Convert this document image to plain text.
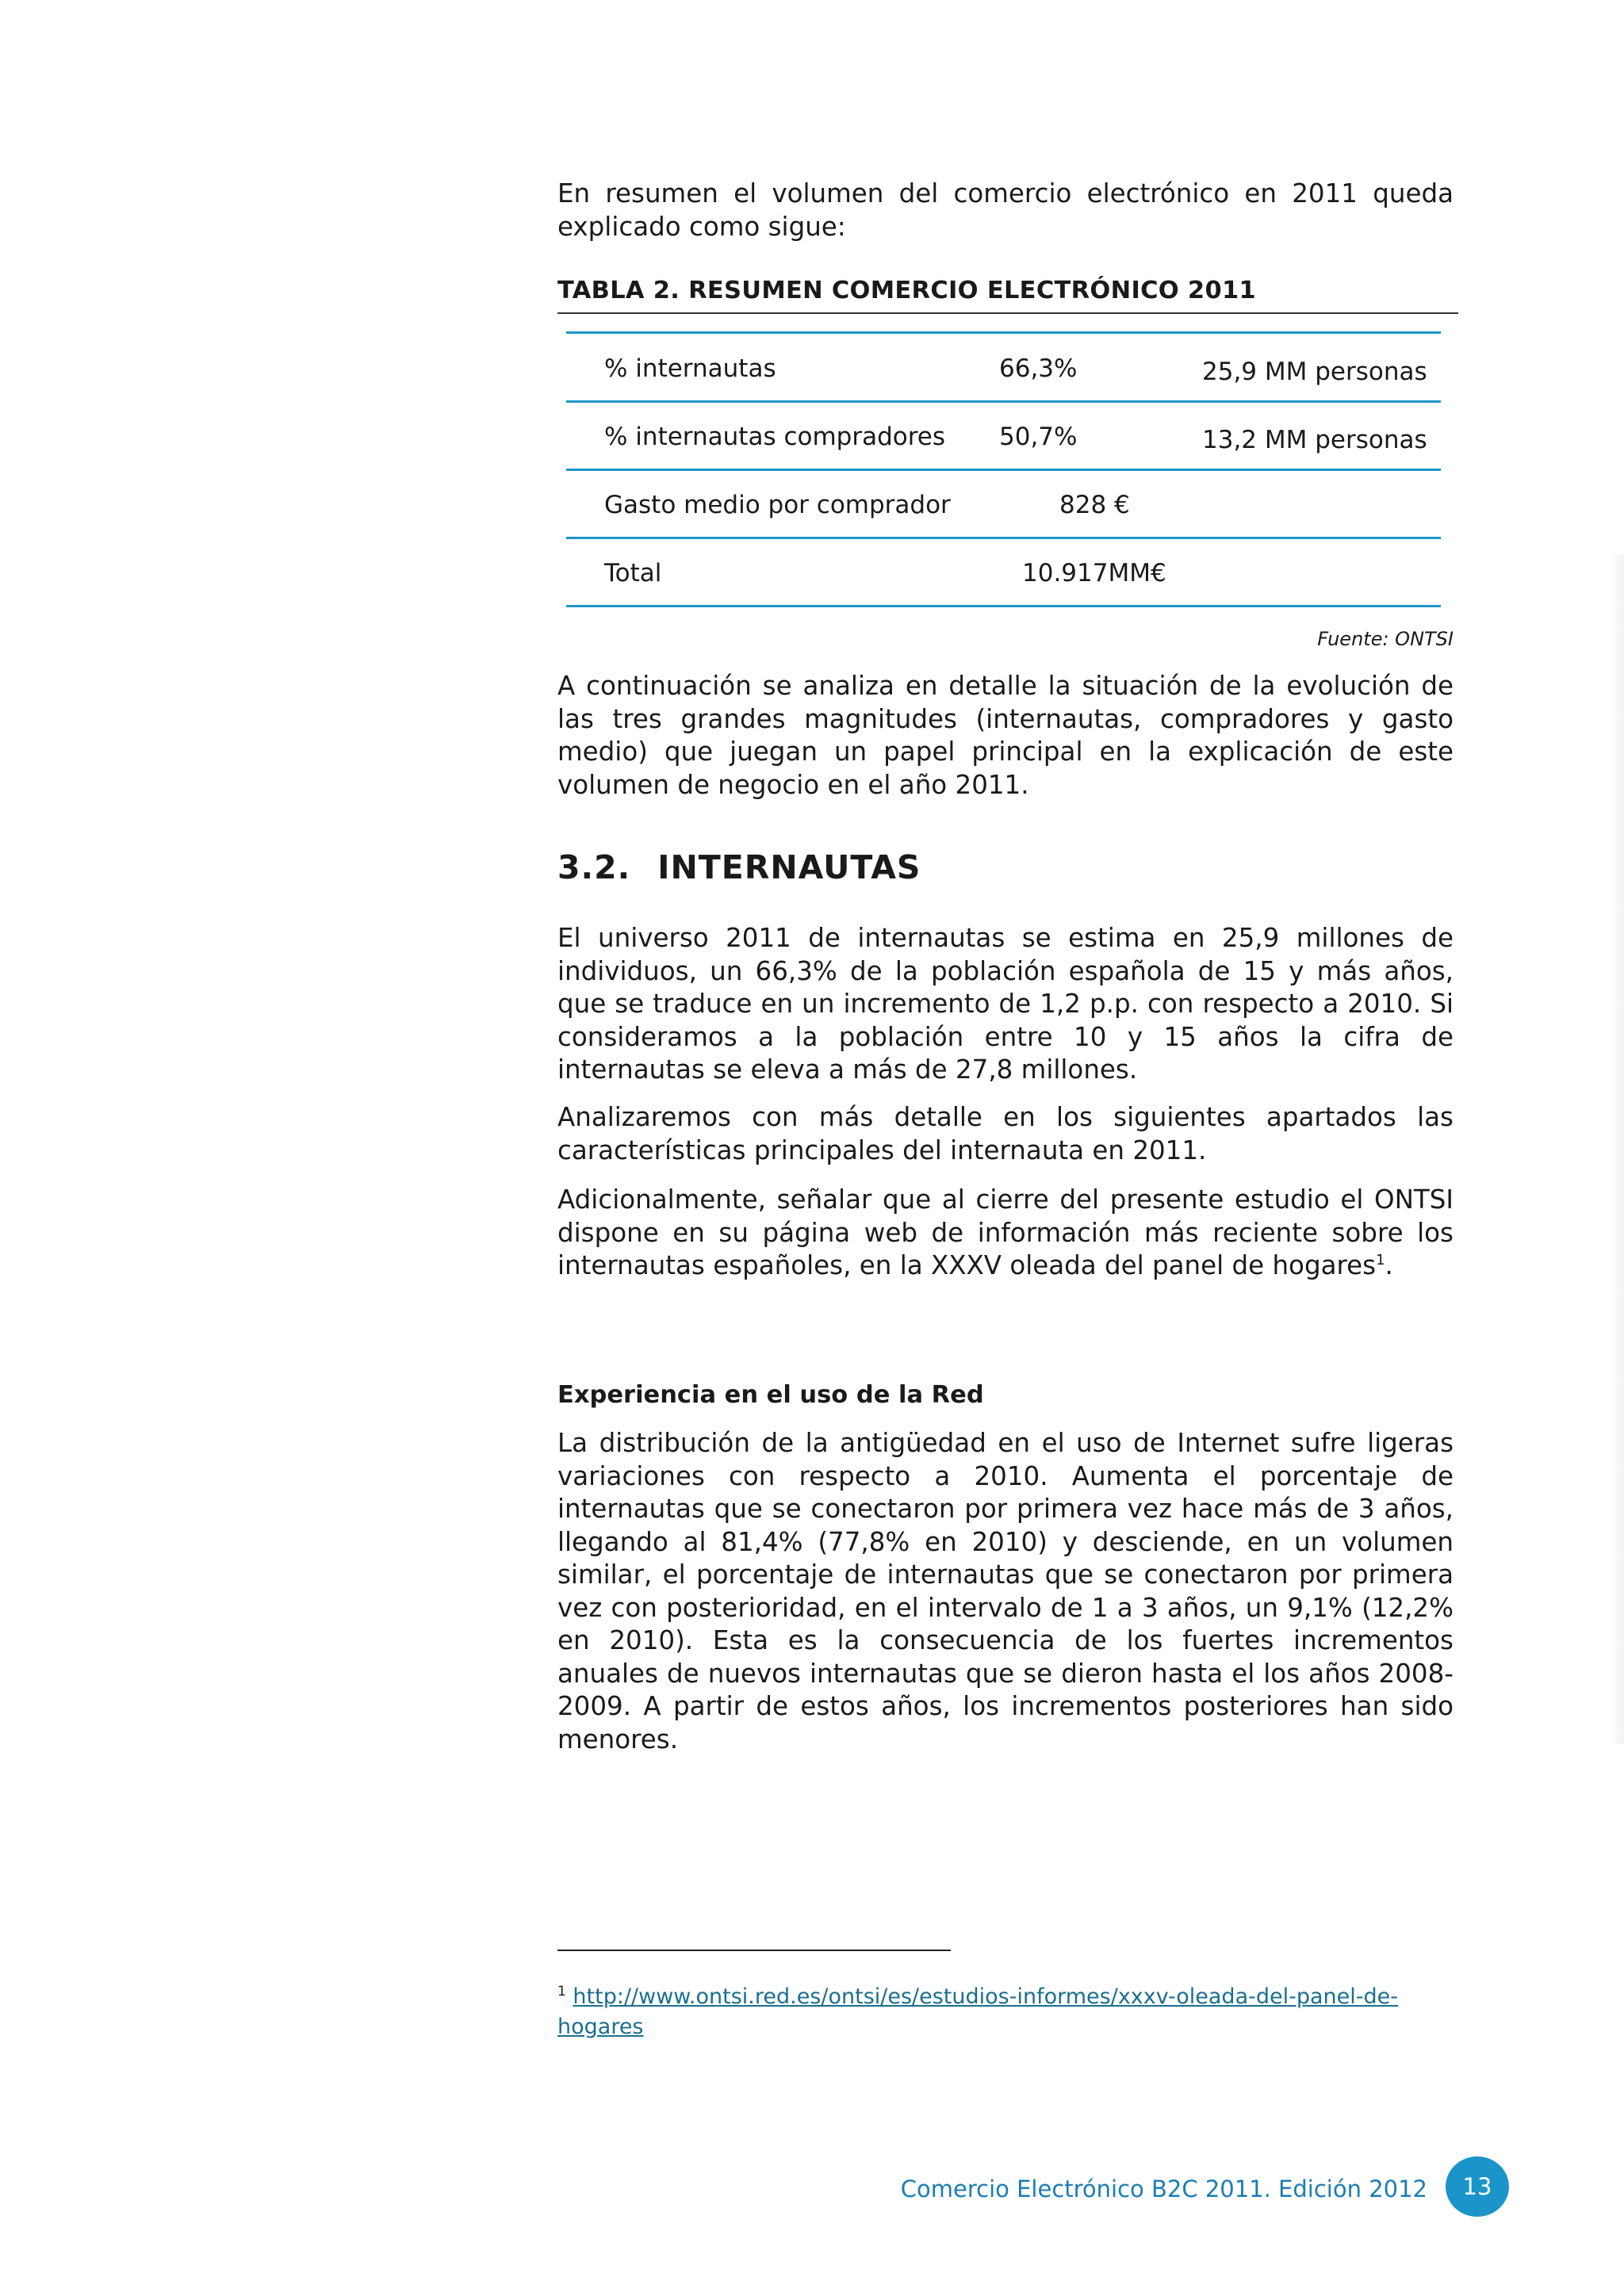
En resumen el volumen del comercio electrónico en 2011 queda explicado como sigue:

TABLA 2. RESUMEN COMERCIO ELECTRÓNICO 2011
% internautas	66,3%	25,9 MM personas
% internautas compradores 50,7%	13,2 MM personas
Gasto medio por comprador	828 €
Total	10.917MM€
Fuente: ONTSI

A continuación se analiza en detalle la situación de la evolución de las tres grandes magnitudes (internautas, compradores y gasto medio) que juegan un papel principal en la explicación de este volumen de negocio en el año 2011.

3.2. INTERNAUTAS

El universo 2011 de internautas se estima en 25,9 millones de individuos, un 66,3% de la población española de 15 y más años, que se traduce en un incremento de 1,2 p.p. con respecto a 2010. Si consideramos a la población entre 10 y 15 años la cifra de internautas se eleva a más de 27,8 millones.

Analizaremos con más detalle en los siguientes apartados las características principales del internauta en 2011.

Adicionalmente, señalar que al cierre del presente estudio el ONTSI dispone en su página web de información más reciente sobre los internautas españoles, en la XXXV oleada del panel de hogares$^1$.

Experiencia en el uso de la Red

La distribución de la antigüedad en el uso de Internet sufre ligeras variaciones con respecto a 2010. Aumenta el porcentaje de internautas que se conectaron por primera vez hace más de 3 años, llegando al 81,4% (77,8% en 2010) y desciende, en un volumen similar, el porcentaje de internautas que se conectaron por primera vez con posterioridad, en el intervalo de 1 a 3 años, un 9,1% (12,2% en 2010). Esta es la consecuencia de los fuertes incrementos anuales de nuevos internautas que se dieron hasta el los años 2008-2009. A partir de estos años, los incrementos posteriores han sido menores.

$^1$ http://www.ontsi.red.es/ontsi/es/estudios-informes/xxxv-oleada-del-panel-de-hogares
Comercio Electrónico B2C 2011. Edición 2012	13
